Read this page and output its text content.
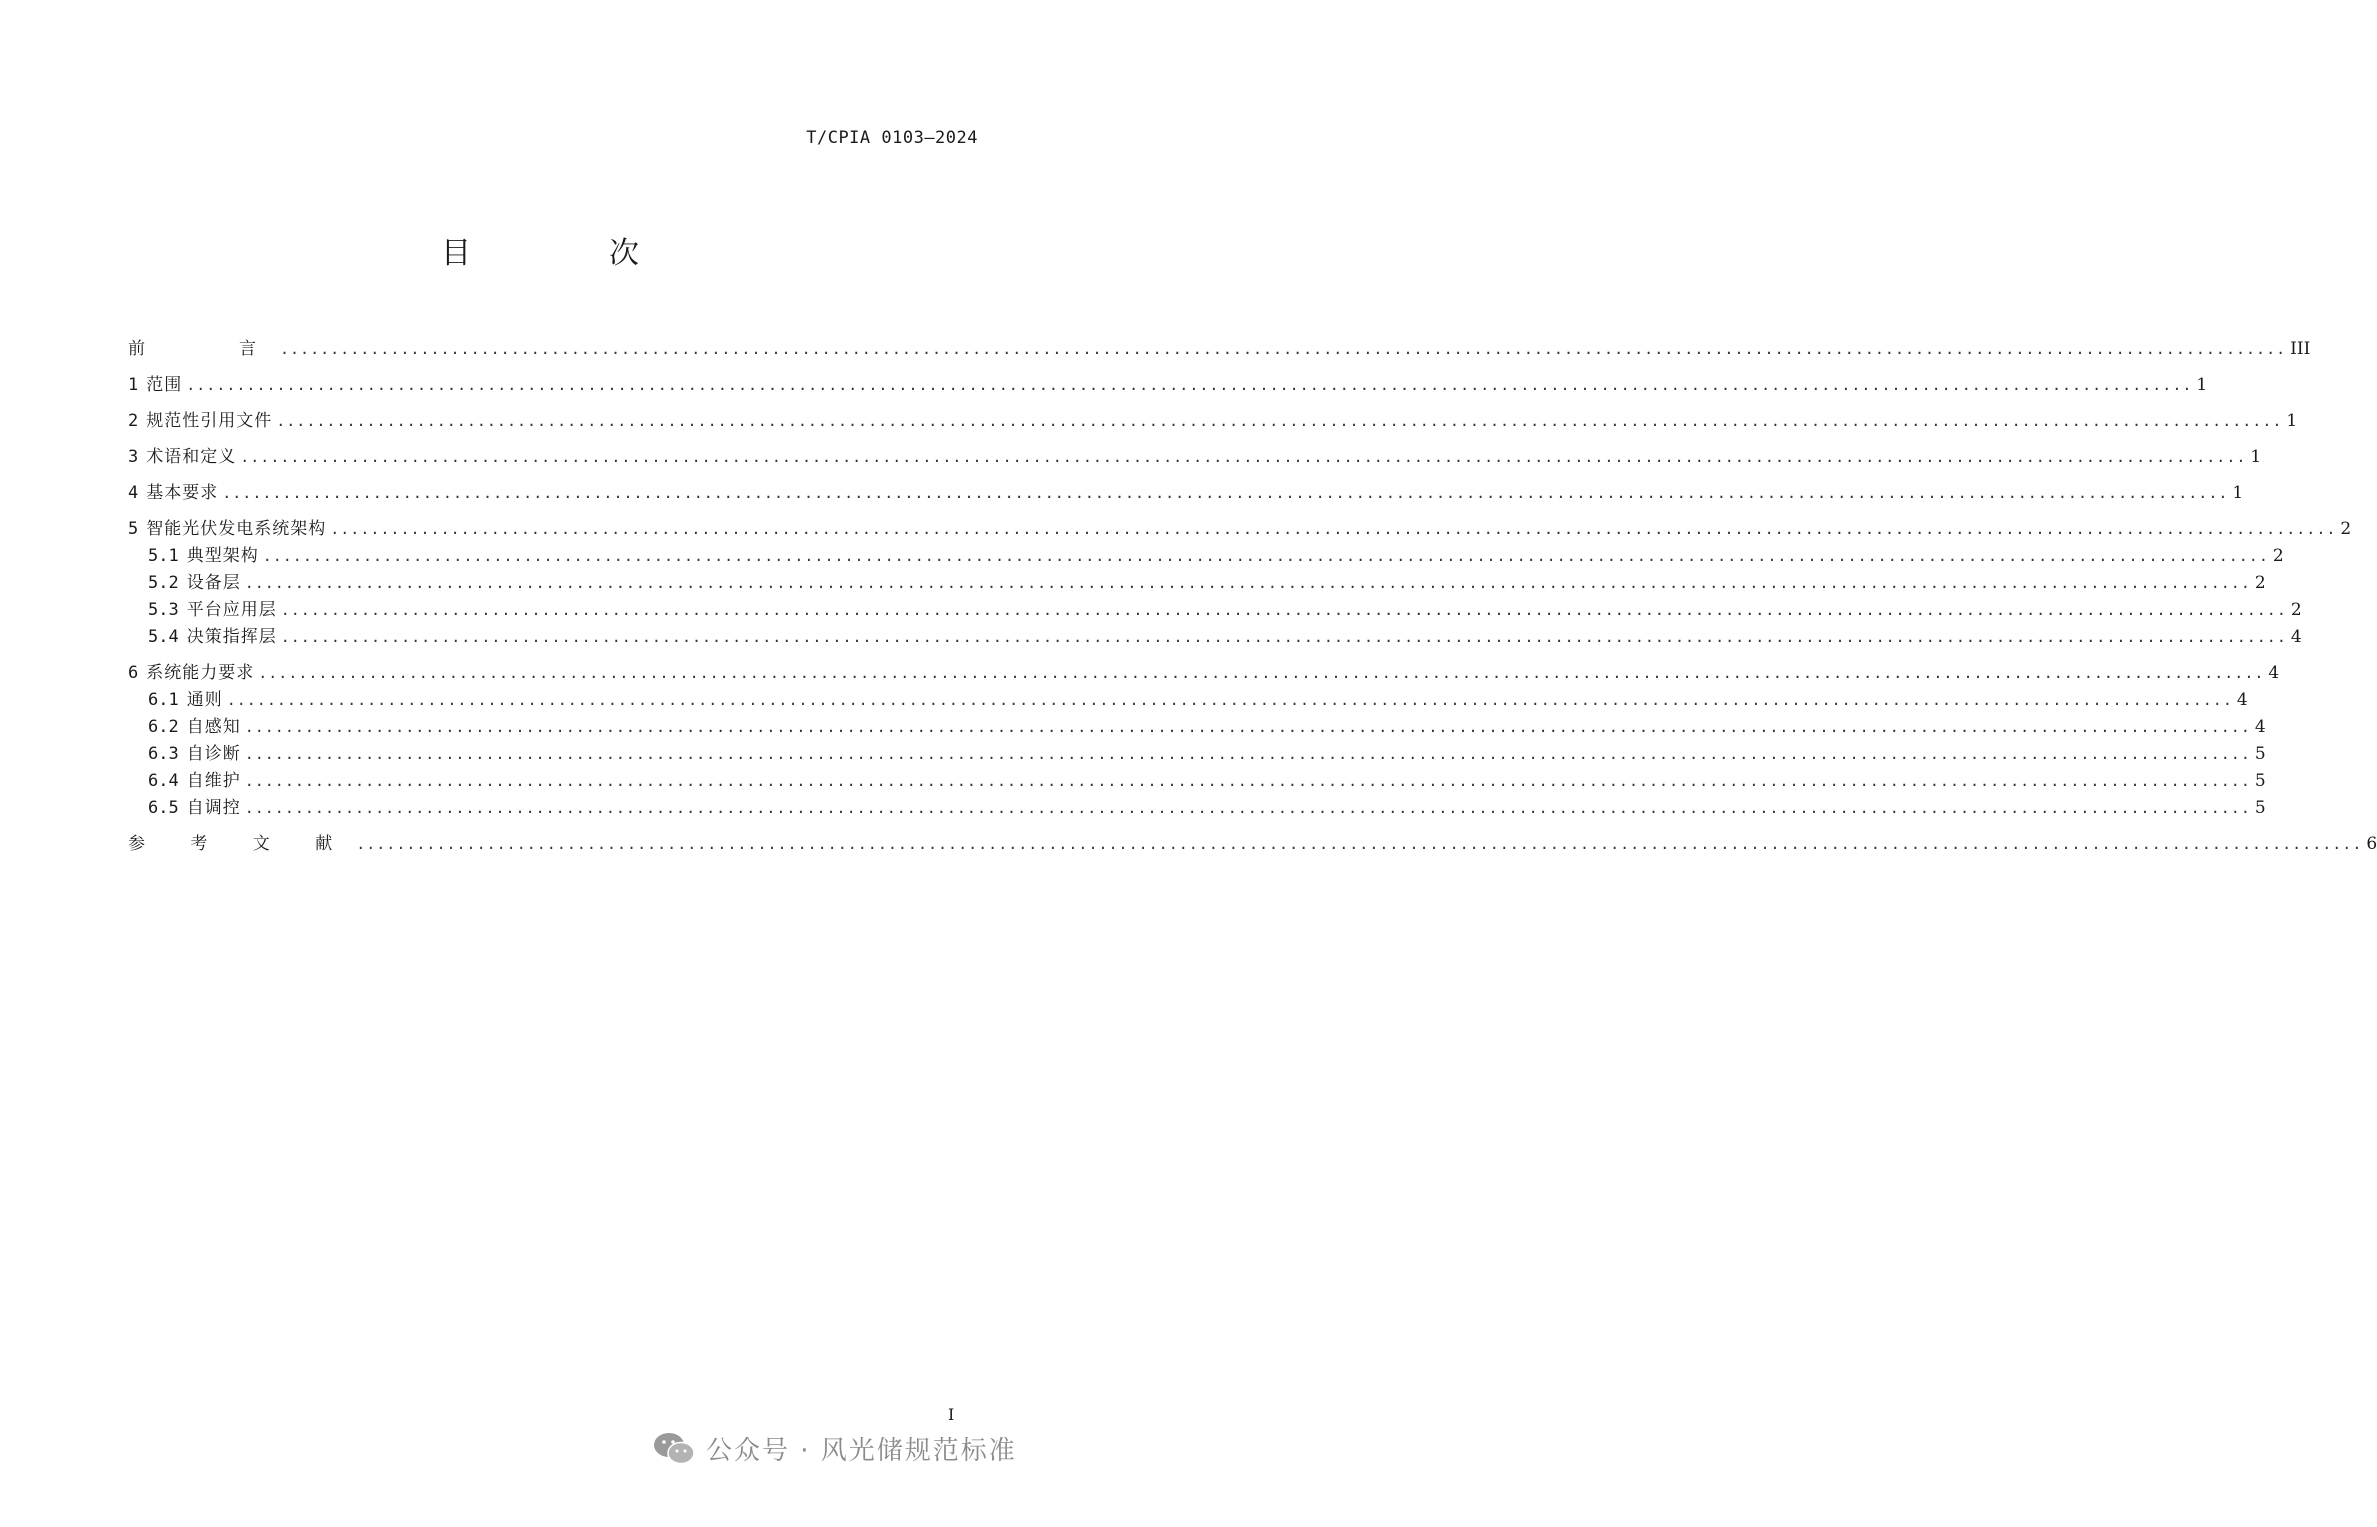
T/CPIA 0103—2024
目　次
前　　言 ........................................................................................................................................................................................................ III
1 范围 ........................................................................................................................................................................................................ 1
2 规范性引用文件 ........................................................................................................................................................................................................ 1
3 术语和定义 ........................................................................................................................................................................................................ 1
4 基本要求 ........................................................................................................................................................................................................ 1
5 智能光伏发电系统架构 ........................................................................................................................................................................................................ 2
5.1 典型架构 ........................................................................................................................................................................................................ 2
5.2 设备层 ........................................................................................................................................................................................................ 2
5.3 平台应用层 ........................................................................................................................................................................................................ 2
5.4 决策指挥层 ........................................................................................................................................................................................................ 4
6 系统能力要求 ........................................................................................................................................................................................................ 4
6.1 通则 ........................................................................................................................................................................................................ 4
6.2 自感知 ........................................................................................................................................................................................................ 4
6.3 自诊断 ........................................................................................................................................................................................................ 5
6.4 自维护 ........................................................................................................................................................................................................ 5
6.5 自调控 ........................................................................................................................................................................................................ 5
参 考 文 献 ........................................................................................................................................................................................................ 6
I
公众号 · 风光储规范标准
